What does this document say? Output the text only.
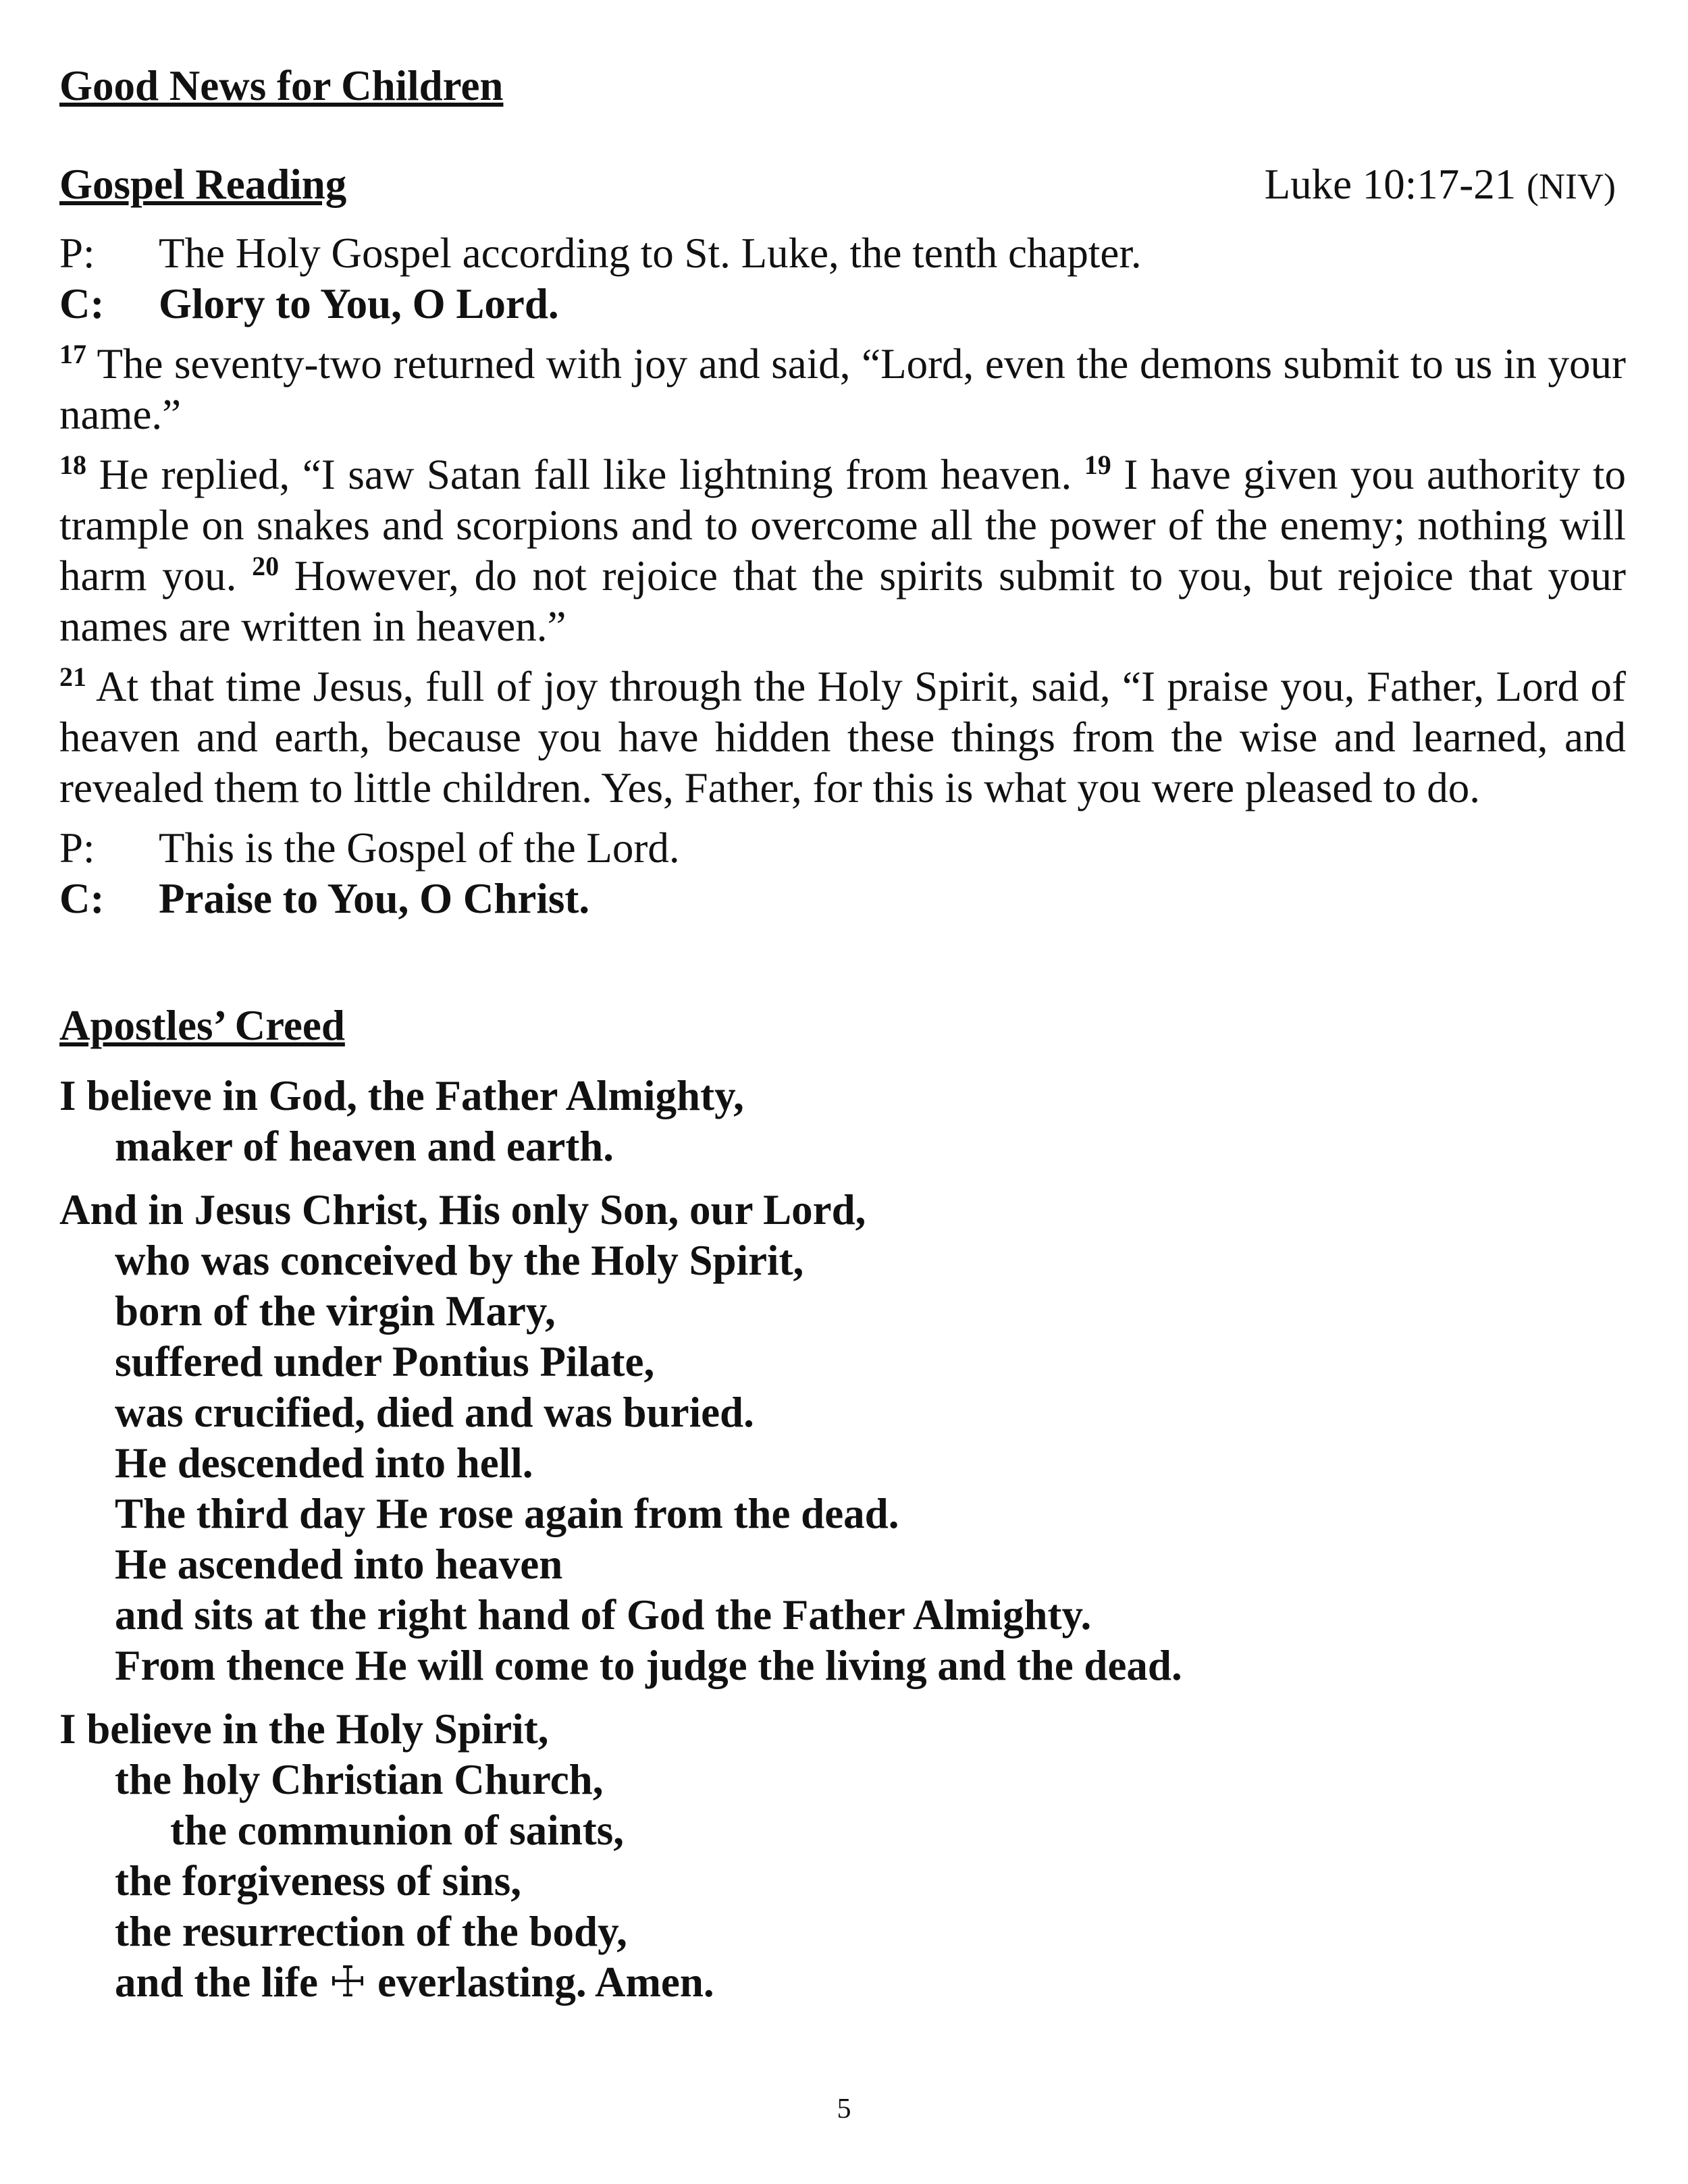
Good News for Children
Gospel Reading	Luke 10:17-21 (NIV)
P:	The Holy Gospel according to St. Luke, the tenth chapter.
C:	Glory to You, O Lord.
$^{17}$ The seventy-two returned with joy and said, “Lord, even the demons submit to us in your name.”
$^{18}$ He replied, “I saw Satan fall like lightning from heaven. $^{19}$ I have given you authority to trample on snakes and scorpions and to overcome all the power of the enemy; nothing will harm you. $^{20}$ However, do not rejoice that the spirits submit to you, but rejoice that your names are written in heaven.”
$^{21}$ At that time Jesus, full of joy through the Holy Spirit, said, “I praise you, Father, Lord of heaven and earth, because you have hidden these things from the wise and learned, and revealed them to little children. Yes, Father, for this is what you were pleased to do.
P:	This is the Gospel of the Lord.
C:	Praise to You, O Christ.
Apostles’ Creed
I believe in God, the Father Almighty,
maker of heaven and earth.
And in Jesus Christ, His only Son, our Lord,
who was conceived by the Holy Spirit,
born of the virgin Mary,
suffered under Pontius Pilate,
was crucified, died and was buried.
He descended into hell.
The third day He rose again from the dead.
He ascended into heaven
and sits at the right hand of God the Father Almighty.
From thence He will come to judge the living and the dead.
I believe in the Holy Spirit,
the holy Christian Church,
the communion of saints,
the forgiveness of sins,
the resurrection of the body,
and the life ☩ everlasting. Amen.
5
